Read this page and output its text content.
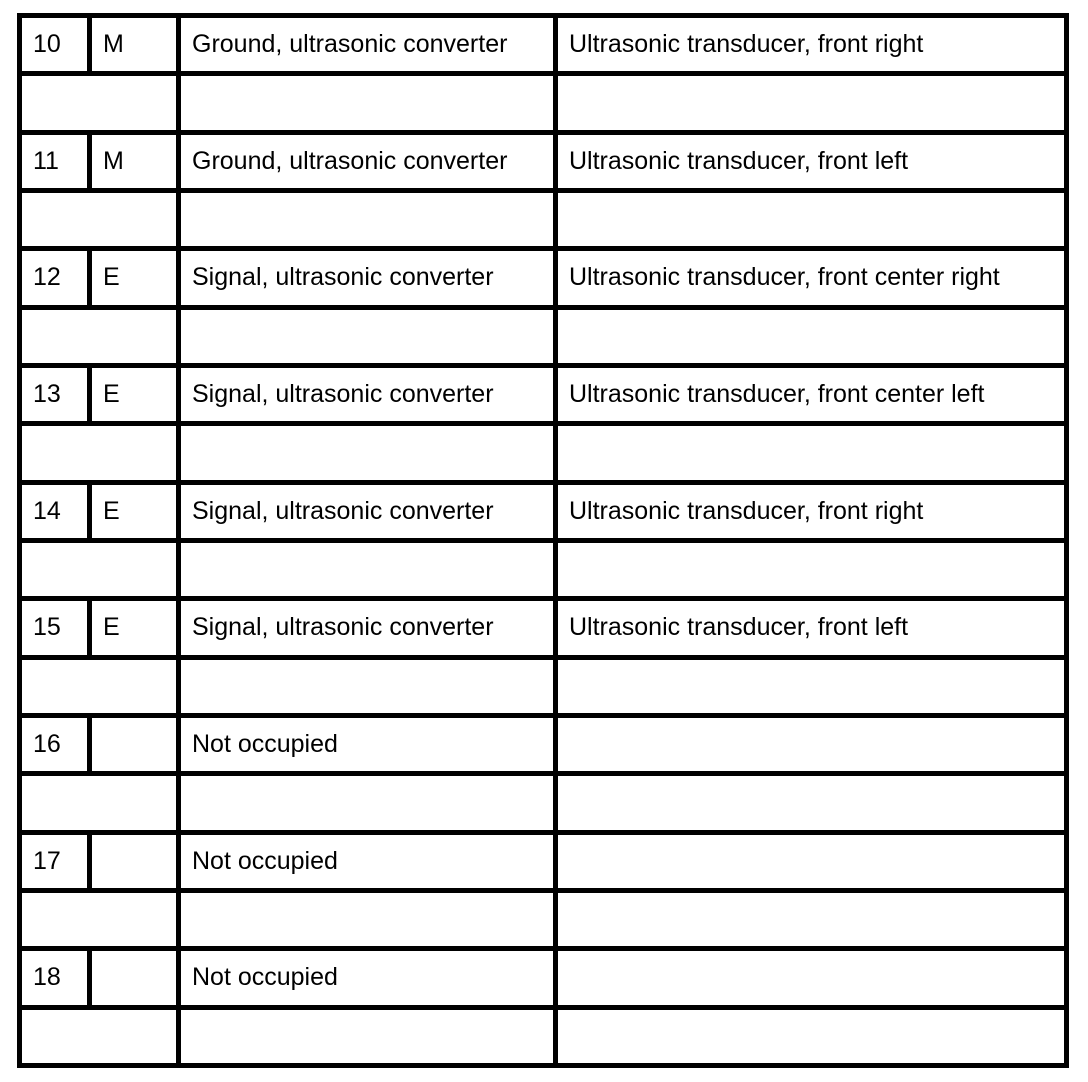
10	M	Ground, ultrasonic converter	Ultrasonic transducer, front right

11	M	Ground, ultrasonic converter	Ultrasonic transducer, front left

12	E	Signal, ultrasonic converter	Ultrasonic transducer, front center right

13	E	Signal, ultrasonic converter	Ultrasonic transducer, front center left

14	E	Signal, ultrasonic converter	Ultrasonic transducer, front right

15	E	Signal, ultrasonic converter	Ultrasonic transducer, front left

16		Not occupied	

17		Not occupied	

18		Not occupied	
